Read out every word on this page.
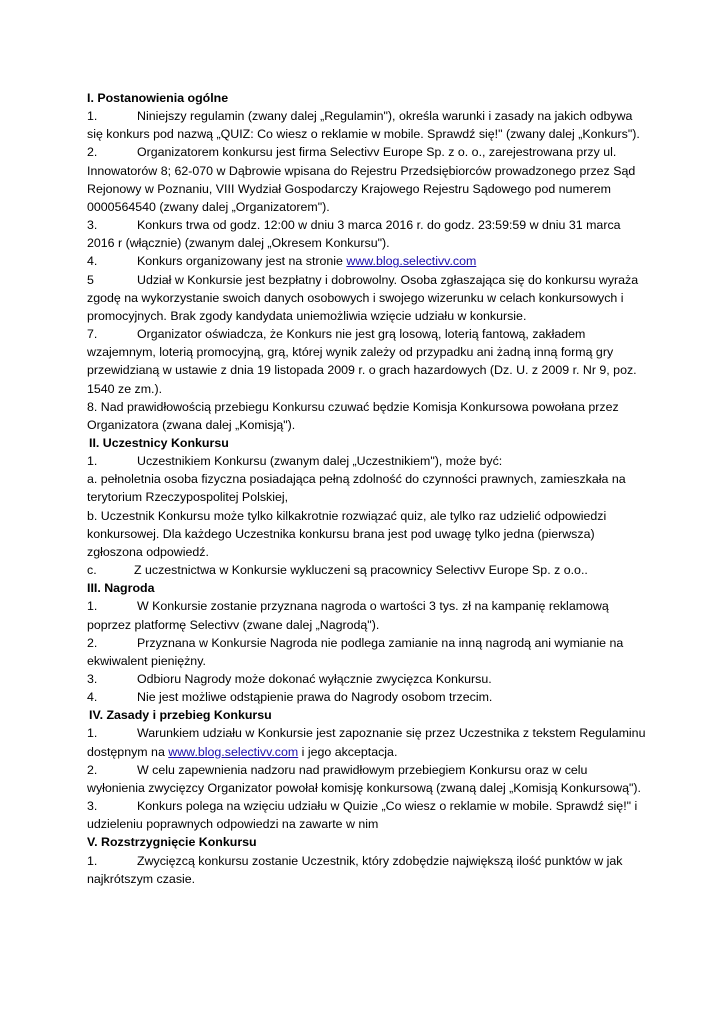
I. Postanowienia ogólne

1.	Niniejszy regulamin (zwany dalej „Regulamin"), określa warunki i zasady na jakich odbywa
się konkurs pod nazwą „QUIZ: Co wiesz o reklamie w mobile. Sprawdź się!" (zwany dalej „Konkurs").

2.	Organizatorem konkursu jest firma Selectivv Europe Sp. z o. o., zarejestrowana przy ul.
Innowatorów 8; 62-070 w Dąbrowie wpisana do Rejestru Przedsiębiorców prowadzonego przez Sąd Rejonowy w Poznaniu, VIII Wydział Gospodarczy Krajowego Rejestru Sądowego pod numerem 0000564540 (zwany dalej „Organizatorem").

3.	Konkurs trwa od godz. 12:00 w dniu 3 marca 2016 r. do godz. 23:59:59 w dniu 31 marca
2016 r (włącznie) (zwanym dalej „Okresem Konkursu").

4.	Konkurs organizowany jest na stronie www.blog.selectivv.com

5	Udział w Konkursie jest bezpłatny i dobrowolny. Osoba zgłaszająca się do konkursu wyraża
zgodę na wykorzystanie swoich danych osobowych i swojego wizerunku w celach konkursowych i promocyjnych. Brak zgody kandydata uniemożliwia wzięcie udziału w konkursie.

7.	Organizator oświadcza, że Konkurs nie jest grą losową, loterią fantową, zakładem
wzajemnym, loterią promocyjną, grą, której wynik zależy od przypadku ani żadną inną formą gry przewidzianą w ustawie z dnia 19 listopada 2009 r. o grach hazardowych (Dz. U. z 2009 r. Nr 9, poz. 1540 ze zm.).

8. Nad prawidłowością przebiegu Konkursu czuwać będzie Komisja Konkursowa powołana przez Organizatora (zwana dalej „Komisją").

II. Uczestnicy Konkursu

1.	Uczestnikiem Konkursu (zwanym dalej „Uczestnikiem"), może być:

a. pełnoletnia osoba fizyczna posiadająca pełną zdolność do czynności prawnych, zamieszkała na terytorium Rzeczypospolitej Polskiej,

b. Uczestnik Konkursu może tylko kilkakrotnie rozwiązać quiz, ale tylko raz udzielić odpowiedzi konkursowej. Dla każdego Uczestnika konkursu brana jest pod uwagę tylko jedna (pierwsza) zgłoszona odpowiedź.

c.	Z uczestnictwa w Konkursie wykluczeni są pracownicy Selectivv Europe Sp. z o.o..

III. Nagroda

1.	W Konkursie zostanie przyznana nagroda o wartości 3 tys. zł na kampanię reklamową
poprzez platformę Selectivv (zwane dalej „Nagrodą").

2.	Przyznana w Konkursie Nagroda nie podlega zamianie na inną nagrodą ani wymianie na
ekwiwalent pieniężny.

3.	Odbioru Nagrody może dokonać wyłącznie zwycięzca Konkursu.

4.	Nie jest możliwe odstąpienie prawa do Nagrody osobom trzecim.

IV. Zasady i przebieg Konkursu

1.	Warunkiem udziału w Konkursie jest zapoznanie się przez Uczestnika z tekstem Regulaminu
dostępnym na www.blog.selectivv.com i jego akceptacja.

2.	W celu zapewnienia nadzoru nad prawidłowym przebiegiem Konkursu oraz w celu
wyłonienia zwycięzcy Organizator powołał komisję konkursową (zwaną dalej „Komisją Konkursową").

3.	Konkurs polega na wzięciu udziału w Quizie „Co wiesz o reklamie w mobile. Sprawdź się!" i
udzieleniu poprawnych odpowiedzi na zawarte w nim

V. Rozstrzygnięcie Konkursu

1.	Zwycięzcą konkursu zostanie Uczestnik, który zdobędzie największą ilość punktów w jak
najkrótszym czasie.
